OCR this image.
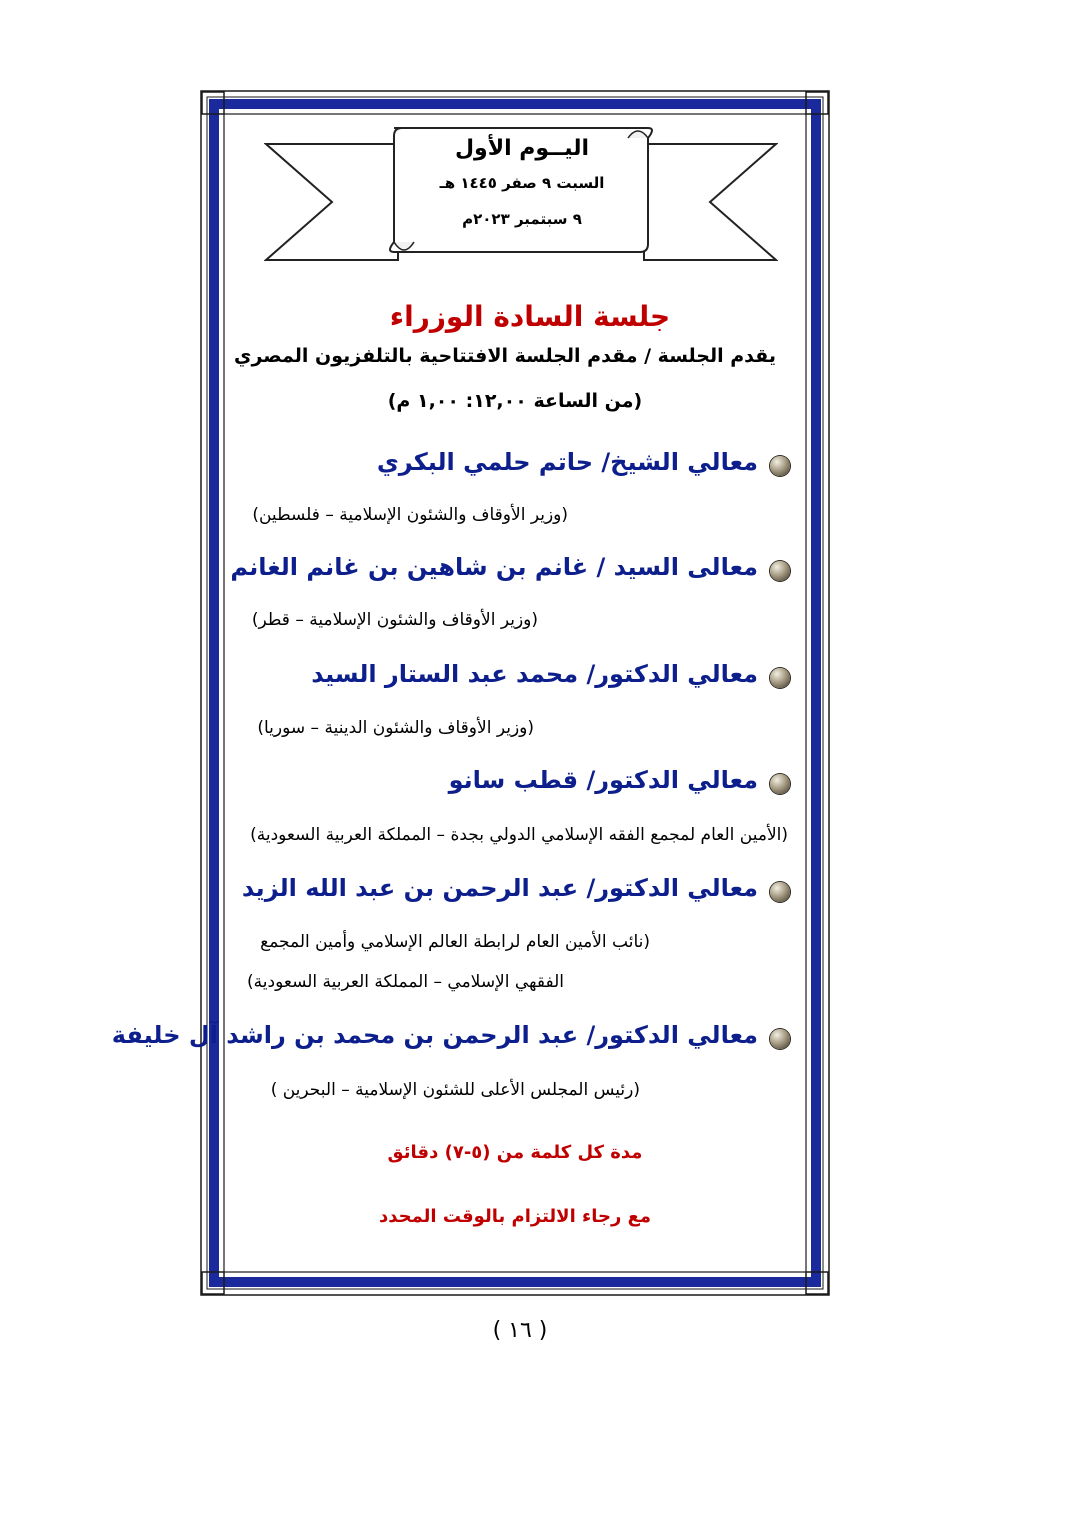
اليــوم الأول
السبت ٩ صفر ١٤٤٥ هـ
٩ سبتمبر ٢٠٢٣م
جلسة السادة الوزراء
يقدم الجلسة / مقدم الجلسة الافتتاحية بالتلفزيون المصري
(من الساعة ١٢,٠٠: ١,٠٠ م)
معالي الشيخ/ حاتم حلمي البكري
(وزير الأوقاف والشئون الإسلامية – فلسطين)
معالى السيد / غانم بن شاهين بن غانم الغانم
(وزير الأوقاف والشئون الإسلامية – قطر)
معالي الدكتور/ محمد عبد الستار السيد
(وزير الأوقاف والشئون الدينية – سوريا)
معالي الدكتور/ قطب سانو
(الأمين العام لمجمع الفقه الإسلامي الدولي بجدة – المملكة العربية السعودية)
معالي الدكتور/ عبد الرحمن بن عبد الله الزيد
(نائب الأمين العام لرابطة العالم الإسلامي وأمين المجمع
الفقهي الإسلامي – المملكة العربية السعودية)
معالي الدكتور/ عبد الرحمن بن محمد بن راشد آل خليفة
(رئيس المجلس الأعلى للشئون الإسلامية – البحرين )
مدة كل كلمة من (٥-٧) دقائق
مع رجاء الالتزام بالوقت المحدد
( ١٦ )
